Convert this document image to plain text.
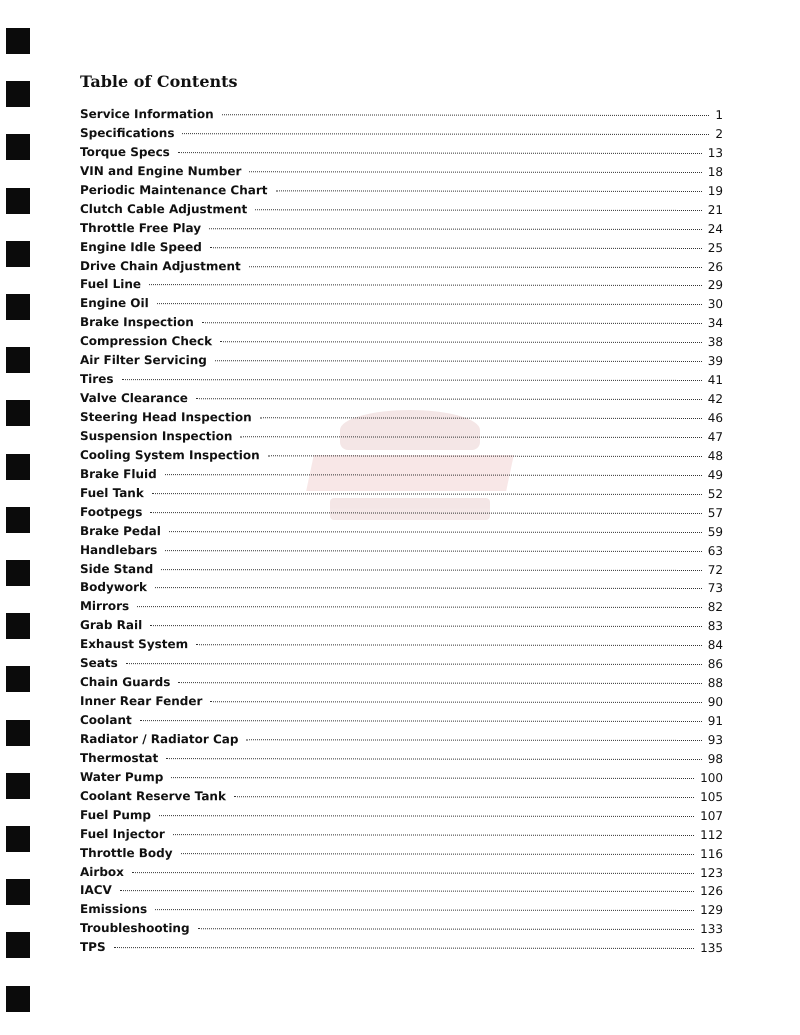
Table of Contents
Service Information	1
Specifications	2
Torque Specs	13
VIN and Engine Number	18
Periodic Maintenance Chart	19
Clutch Cable Adjustment	21
Throttle Free Play	24
Engine Idle Speed	25
Drive Chain Adjustment	26
Fuel Line	29
Engine Oil	30
Brake Inspection	34
Compression Check	38
Air Filter Servicing	39
Tires	41
Valve Clearance	42
Steering Head Inspection	46
Suspension Inspection	47
Cooling System Inspection	48
Brake Fluid	49
Fuel Tank	52
Footpegs	57
Brake Pedal	59
Handlebars	63
Side Stand	72
Bodywork	73
Mirrors	82
Grab Rail	83
Exhaust System	84
Seats	86
Chain Guards	88
Inner Rear Fender	90
Coolant	91
Radiator / Radiator Cap	93
Thermostat	98
Water Pump	100
Coolant Reserve Tank	105
Fuel Pump	107
Fuel Injector	112
Throttle Body	116
Airbox	123
IACV	126
Emissions	129
Troubleshooting	133
TPS	135
